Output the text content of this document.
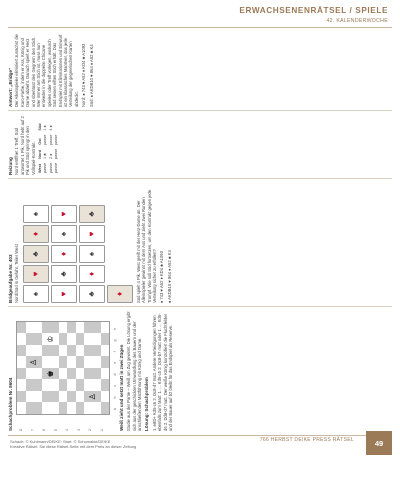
ERWACHSENENRÄTSEL / SPIELE
42. KALENDERWOCHE
Schachproblem Nr. 8604 8	7	6	5	4	3	2	1
♙
♚
♔
♙
a
b
c
d
e
f
g
h

Weiß zieht und setzt matt in zwei Zügen Studie aus der Partie – Weiß am Zug gewinnt. Die Lösung ergibt sich aus der geschickten Umwandlung des Bauern und der anschließenden Mattführung mit König und Dame. Lösung: Schachproblem 1. e8D+ Kd5-c6 2. Dc8-d7 matt. Andere Verteidigungen führen ebenfalls zum Matt: 1. ... Kd5-c5 2. Dc8-b7 matt oder 1. ... Kd5-d6 2. Dd8-d7 matt. Der weiße König kontrolliert die Fluchtfelder und der Bauer auf b2 bleibt für das Endspiel als Reserve.

Bridgeaufgabe Nr. 403 Nord/Süd in Gefahr, Teiler West	♠
♥
♣
♦
♠
♥
♣
♦
♠
♥
♣
♦
♠
♥
♣
♦	Süd spielt 4 Pik. West greift mit der Herz-Dame an. Der Alleinspieler gewinnt mit dem Ass und zieht zwei Runden Trumpf. Wie soll Süd fortsetzen, um den Kontrakt gegen jede Verteilung sicher zu erfüllen? ♠ 743 ♥ A52 ♦ KD4 ♣ A1093 ♠ AKDB10 ♥ 864 ♦ A52 ♣ K4

Reizung Nord eröffnet 1 Treff, Süd antwortet 1 Pik, Nord hebt auf 2 Pik und Süd springt in den Vollspiel-Kontrakt. West	Nord	Ost	Süd
passe	1 ♣	passe	1 ♠
passe	2 ♠	passe	4 ♠
passe	passe	passe	
Antwort: „Bridge“ Der Alleinspieler eliminiert zunächst die Karo-Farbe, indem er Ass, König und Dame abzieht. Danach spielt er Herz und überlässt den Gegnern den Stich. Wer immer am Stich ist, muss nun entweder in die doppelte Chicane spielen oder Treff vorlegen, wodurch Süd seinen elften Stich erhält. Das Endspiel mit Eliminationen und Einwurf ist ein klassisches Manöver, das jede Verteilung der gegnerischen Karten abdeckt. Nord: ♠ 743 ♥ A52 ♦ KD4 ♣ A1093 Süd: ♠ AKDB10 ♥ 864 ♦ A52 ♣ K4

Schach: © Kuhlmann/DEIKE; Start: © Schomakki/DEIKE
Kreative Rätsel: Sie diese Rätsel-Seite mit dem Preis an dieser Zeitung
766 HERBST DEIKE PRESS RÄTSEL	49
